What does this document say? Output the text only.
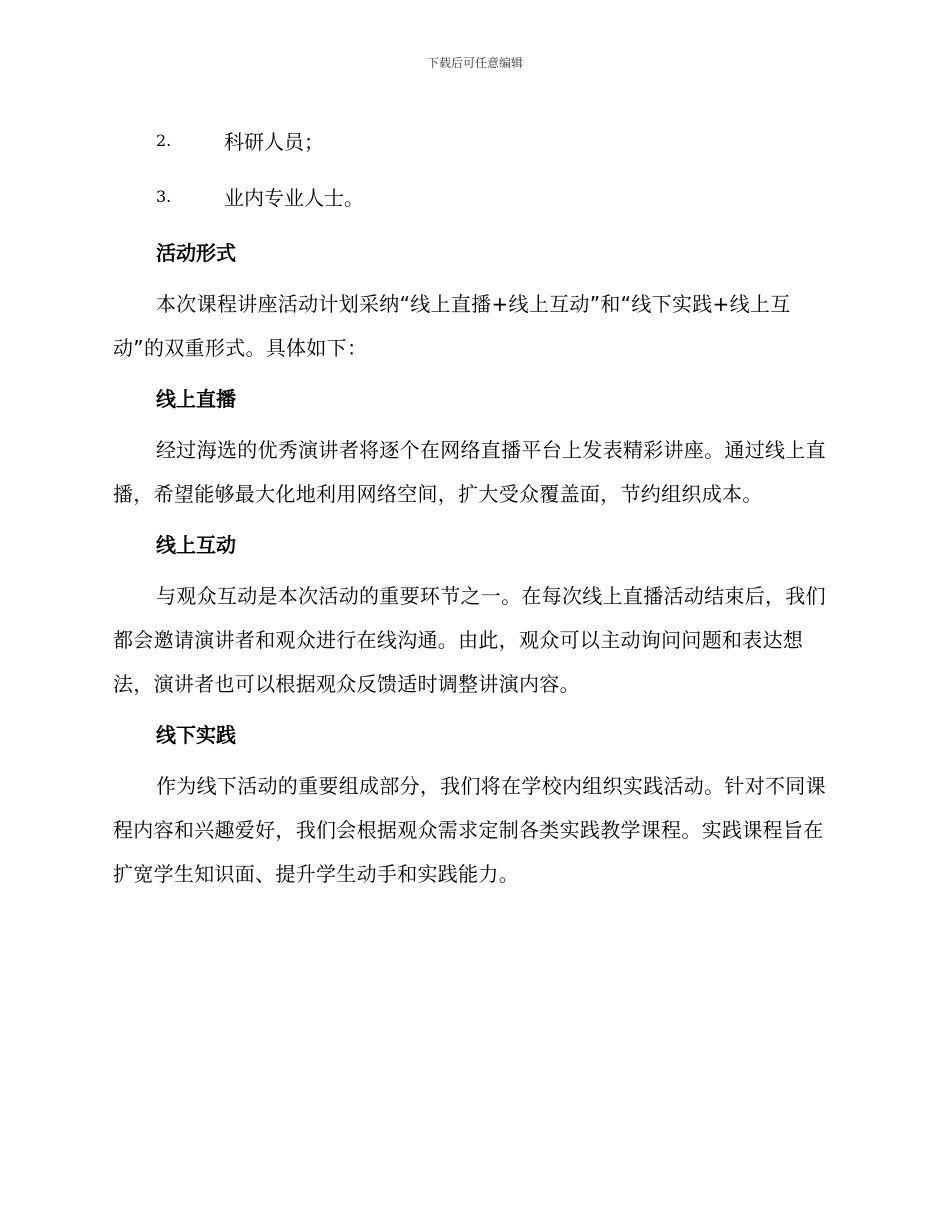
下载后可任意编辑
2.	科研人员；
3.	业内专业人士。
活动形式

本次课程讲座活动计划采纳“线上直播+线上互动”和“线下实践+线上互动”的双重形式。具体如下：

线上直播

经过海选的优秀演讲者将逐个在网络直播平台上发表精彩讲座。通过线上直播，希望能够最大化地利用网络空间，扩大受众覆盖面，节约组织成本。

线上互动

与观众互动是本次活动的重要环节之一。在每次线上直播活动结束后，我们都会邀请演讲者和观众进行在线沟通。由此，观众可以主动询问问题和表达想法，演讲者也可以根据观众反馈适时调整讲演内容。

线下实践

作为线下活动的重要组成部分，我们将在学校内组织实践活动。针对不同课程内容和兴趣爱好，我们会根据观众需求定制各类实践教学课程。实践课程旨在扩宽学生知识面、提升学生动手和实践能力。
